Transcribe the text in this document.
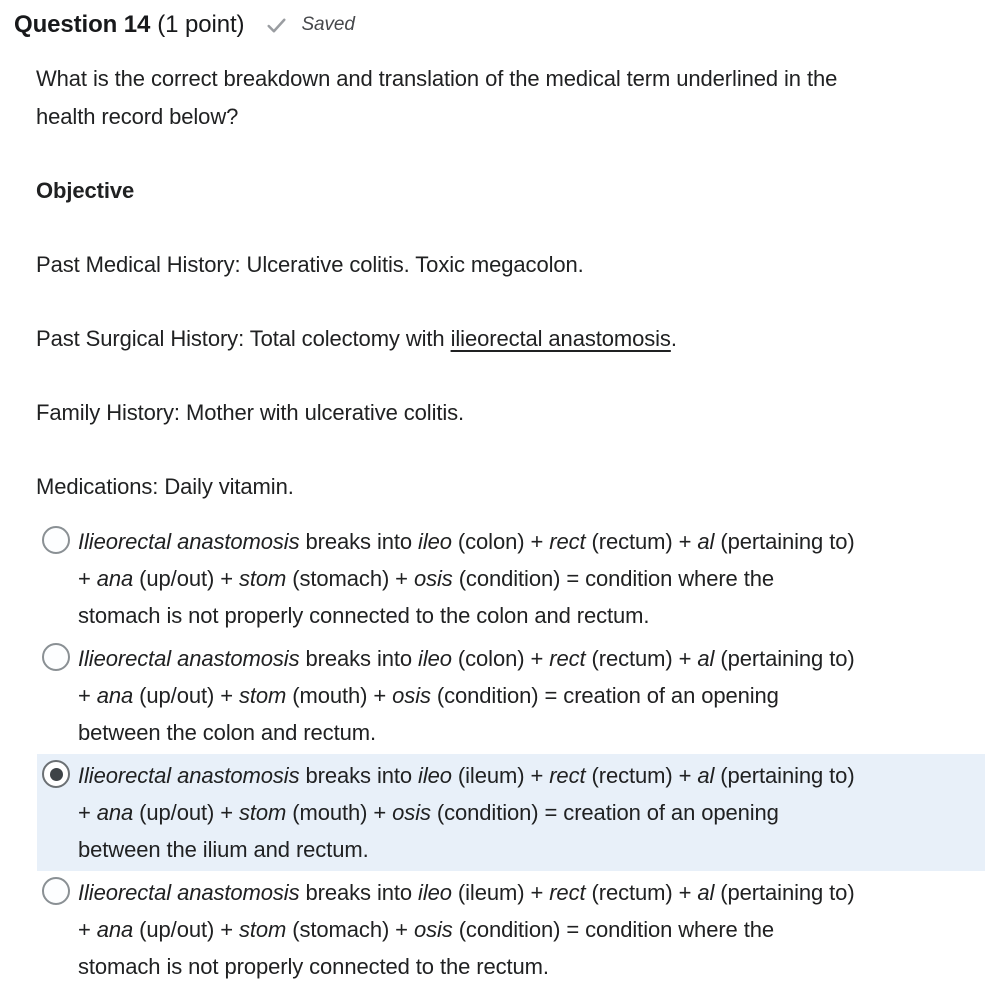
Question 14 (1 point)	Saved
What is the correct breakdown and translation of the medical term underlined in the
health record below?

Objective

Past Medical History: Ulcerative colitis. Toxic megacolon.

Past Surgical History: Total colectomy with ilieorectal anastomosis.

Family History: Mother with ulcerative colitis.

Medications: Daily vitamin.

Ilieorectal anastomosis breaks into ileo (colon) + rect (rectum) + al (pertaining to)
+ ana (up/out) + stom (stomach) + osis (condition) = condition where the
stomach is not properly connected to the colon and rectum.
Ilieorectal anastomosis breaks into ileo (colon) + rect (rectum) + al (pertaining to)
+ ana (up/out) + stom (mouth) + osis (condition) = creation of an opening
between the colon and rectum.
Ilieorectal anastomosis breaks into ileo (ileum) + rect (rectum) + al (pertaining to)
+ ana (up/out) + stom (mouth) + osis (condition) = creation of an opening
between the ilium and rectum.
Ilieorectal anastomosis breaks into ileo (ileum) + rect (rectum) + al (pertaining to)
+ ana (up/out) + stom (stomach) + osis (condition) = condition where the
stomach is not properly connected to the rectum.
